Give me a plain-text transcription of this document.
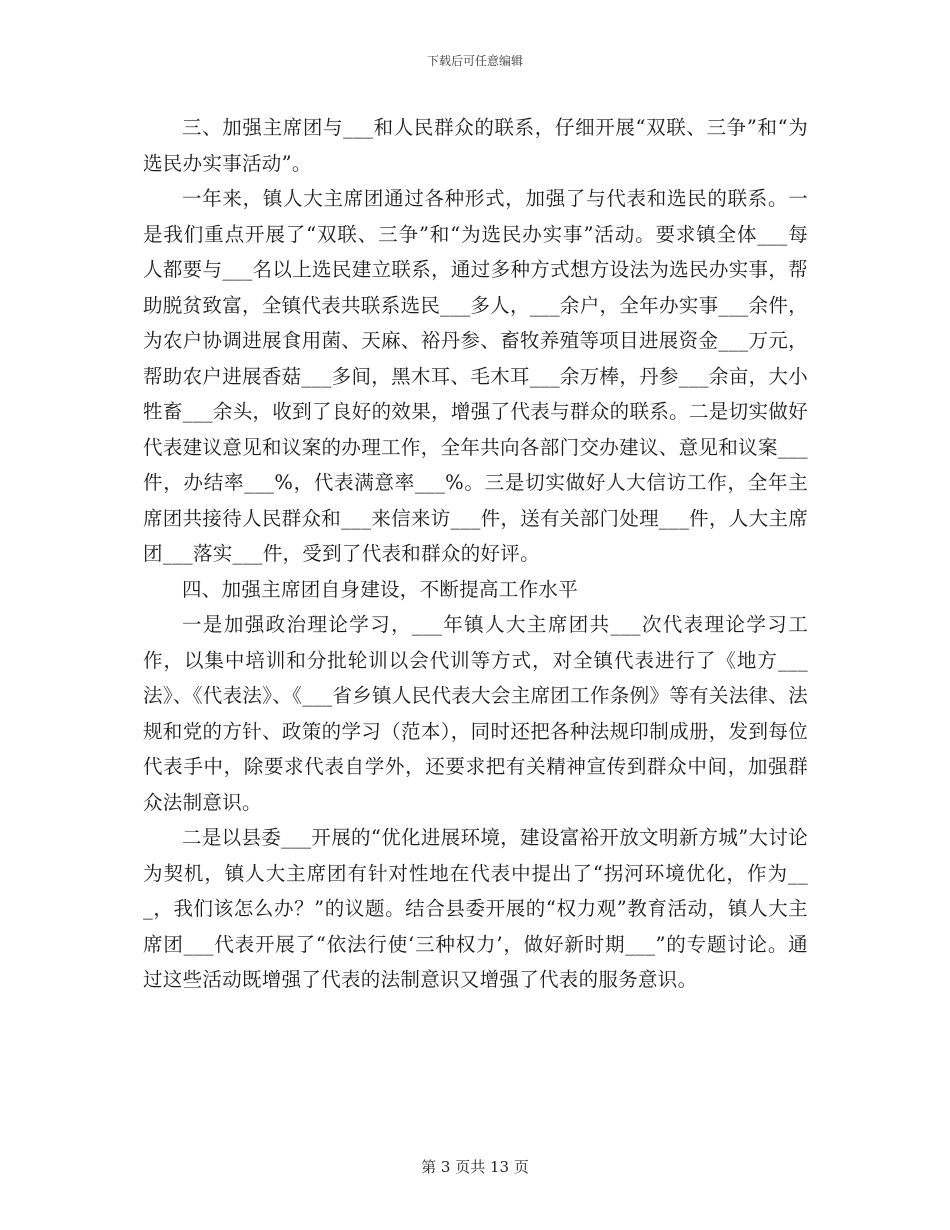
下载后可任意编辑

三、加强主席团与___和人民群众的联系，仔细开展“双联、三争”和“为选民办实事活动”。

一年来，镇人大主席团通过各种形式，加强了与代表和选民的联系。一是我们重点开展了“双联、三争”和“为选民办实事”活动。要求镇全体___每人都要与___名以上选民建立联系，通过多种方式想方设法为选民办实事，帮助脱贫致富，全镇代表共联系选民___多人，___余户，全年办实事___余件，为农户协调进展食用菌、天麻、裕丹参、畜牧养殖等项目进展资金___万元，帮助农户进展香菇___多间，黑木耳、毛木耳___余万棒，丹参___余亩，大小牲畜___余头，收到了良好的效果，增强了代表与群众的联系。二是切实做好代表建议意见和议案的办理工作，全年共向各部门交办建议、意见和议案___件，办结率___%，代表满意率___%。三是切实做好人大信访工作，全年主席团共接待人民群众和___来信来访___件，送有关部门处理___件，人大主席团___落实___件，受到了代表和群众的好评。

四、加强主席团自身建设，不断提高工作水平

一是加强政治理论学习，___年镇人大主席团共___次代表理论学习工作，以集中培训和分批轮训以会代训等方式，对全镇代表进行了《地方___法》、《代表法》、《___省乡镇人民代表大会主席团工作条例》等有关法律、法规和党的方针、政策的学习（范本），同时还把各种法规印制成册，发到每位代表手中，除要求代表自学外，还要求把有关精神宣传到群众中间，加强群众法制意识。

二是以县委___开展的“优化进展环境，建设富裕开放文明新方城”大讨论为契机，镇人大主席团有针对性地在代表中提出了“拐河环境优化，作为___，我们该怎么办？”的议题。结合县委开展的“权力观”教育活动，镇人大主席团___代表开展了“依法行使‘三种权力’，做好新时期___”的专题讨论。通过这些活动既增强了代表的法制意识又增强了代表的服务意识。

第 3 页共 13 页
